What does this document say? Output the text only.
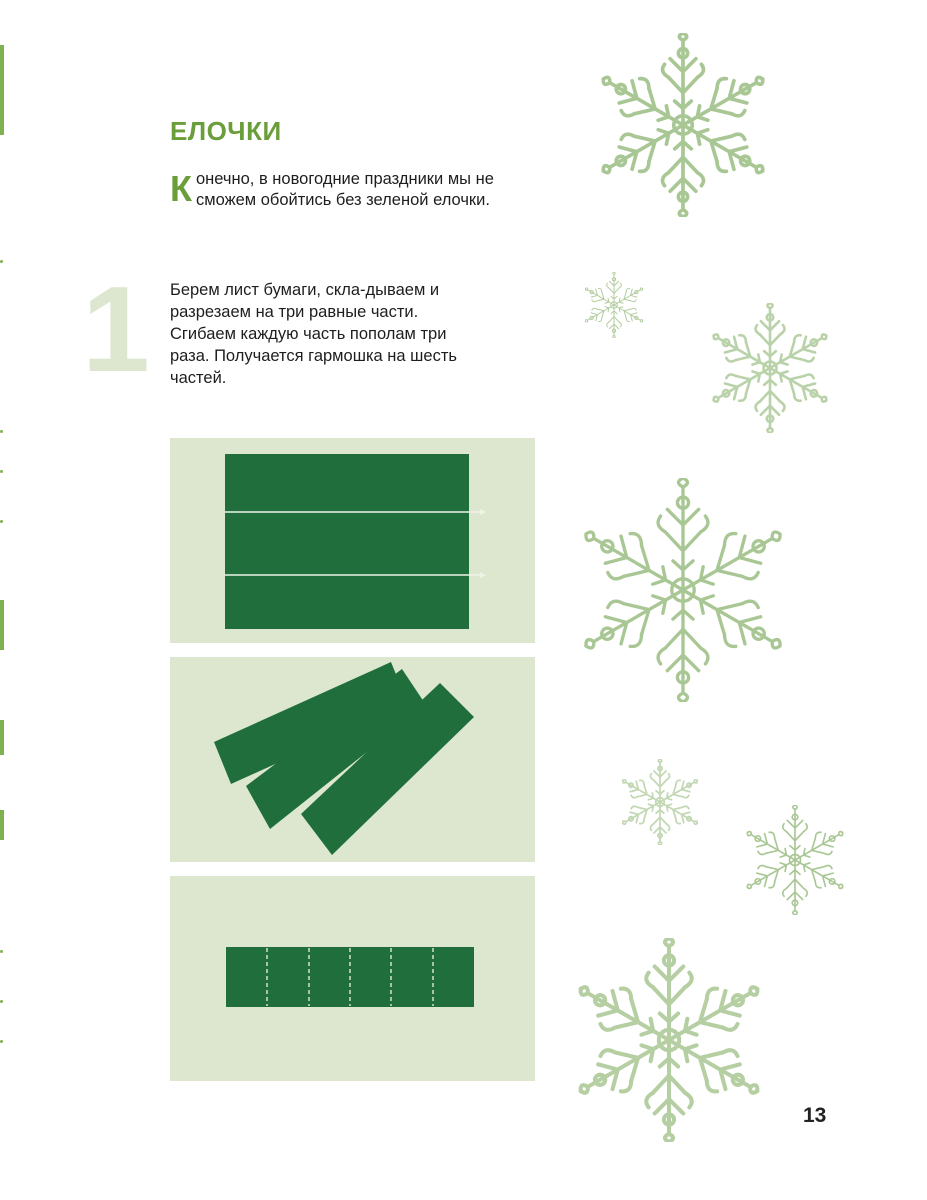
ЕЛОЧКИ

Конечно, в новогодние праздники мы не сможем обойтись без зеленой елочки.

1 Берем лист бумаги, скла-дываем и разрезаем на три равные части. Сгибаем каждую часть пополам три раза. Получается гармошка на шесть частей.

13
